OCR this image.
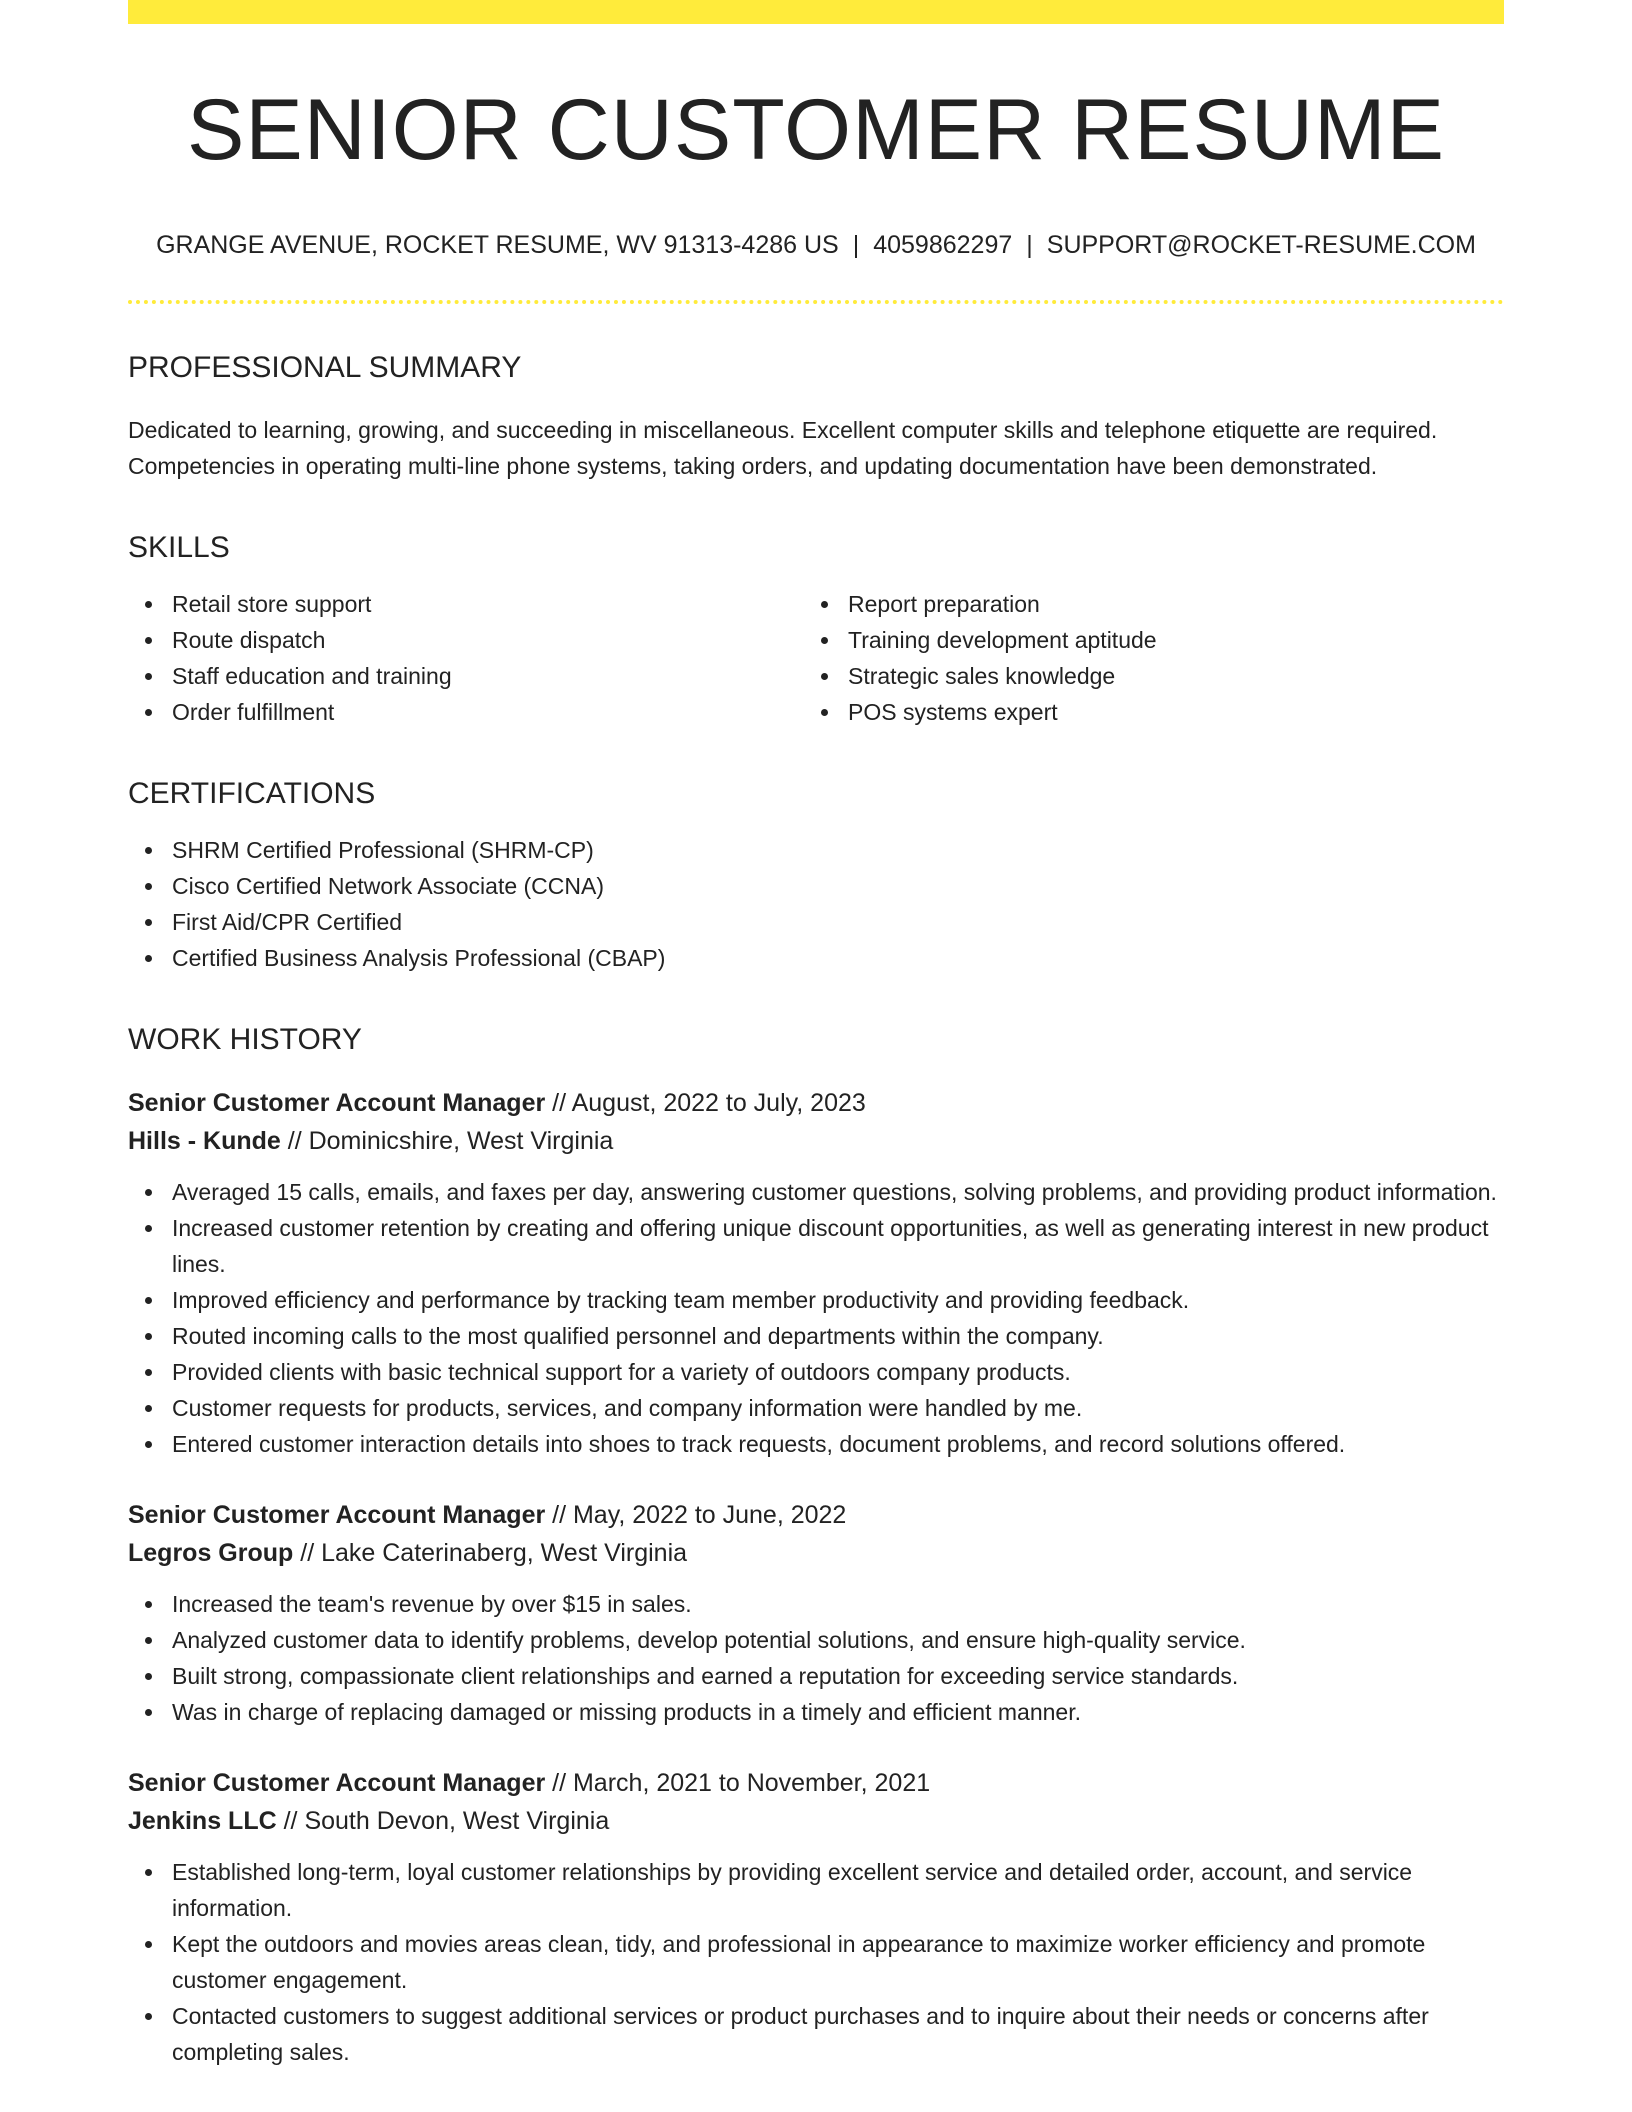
SENIOR CUSTOMER RESUME
GRANGE AVENUE, ROCKET RESUME, WV 91313-4286 US | 4059862297 | SUPPORT@ROCKET-RESUME.COM
PROFESSIONAL SUMMARY

Dedicated to learning, growing, and succeeding in miscellaneous. Excellent computer skills and telephone etiquette are required. Competencies in operating multi-line phone systems, taking orders, and updating documentation have been demonstrated.

SKILLS
Retail store support
Route dispatch
Staff education and training
Order fulfillment
Report preparation
Training development aptitude
Strategic sales knowledge
POS systems expert
CERTIFICATIONS
SHRM Certified Professional (SHRM-CP)
Cisco Certified Network Associate (CCNA)
First Aid/CPR Certified
Certified Business Analysis Professional (CBAP)
WORK HISTORY
Senior Customer Account Manager // August, 2022 to July, 2023
Hills - Kunde // Dominicshire, West Virginia
Averaged 15 calls, emails, and faxes per day, answering customer questions, solving problems, and providing product information.
Increased customer retention by creating and offering unique discount opportunities, as well as generating interest in new product lines.
Improved efficiency and performance by tracking team member productivity and providing feedback.
Routed incoming calls to the most qualified personnel and departments within the company.
Provided clients with basic technical support for a variety of outdoors company products.
Customer requests for products, services, and company information were handled by me.
Entered customer interaction details into shoes to track requests, document problems, and record solutions offered.
Senior Customer Account Manager // May, 2022 to June, 2022
Legros Group // Lake Caterinaberg, West Virginia
Increased the team's revenue by over $15 in sales.
Analyzed customer data to identify problems, develop potential solutions, and ensure high-quality service.
Built strong, compassionate client relationships and earned a reputation for exceeding service standards.
Was in charge of replacing damaged or missing products in a timely and efficient manner.
Senior Customer Account Manager // March, 2021 to November, 2021
Jenkins LLC // South Devon, West Virginia
Established long-term, loyal customer relationships by providing excellent service and detailed order, account, and service information.
Kept the outdoors and movies areas clean, tidy, and professional in appearance to maximize worker efficiency and promote customer engagement.
Contacted customers to suggest additional services or product purchases and to inquire about their needs or concerns after completing sales.
